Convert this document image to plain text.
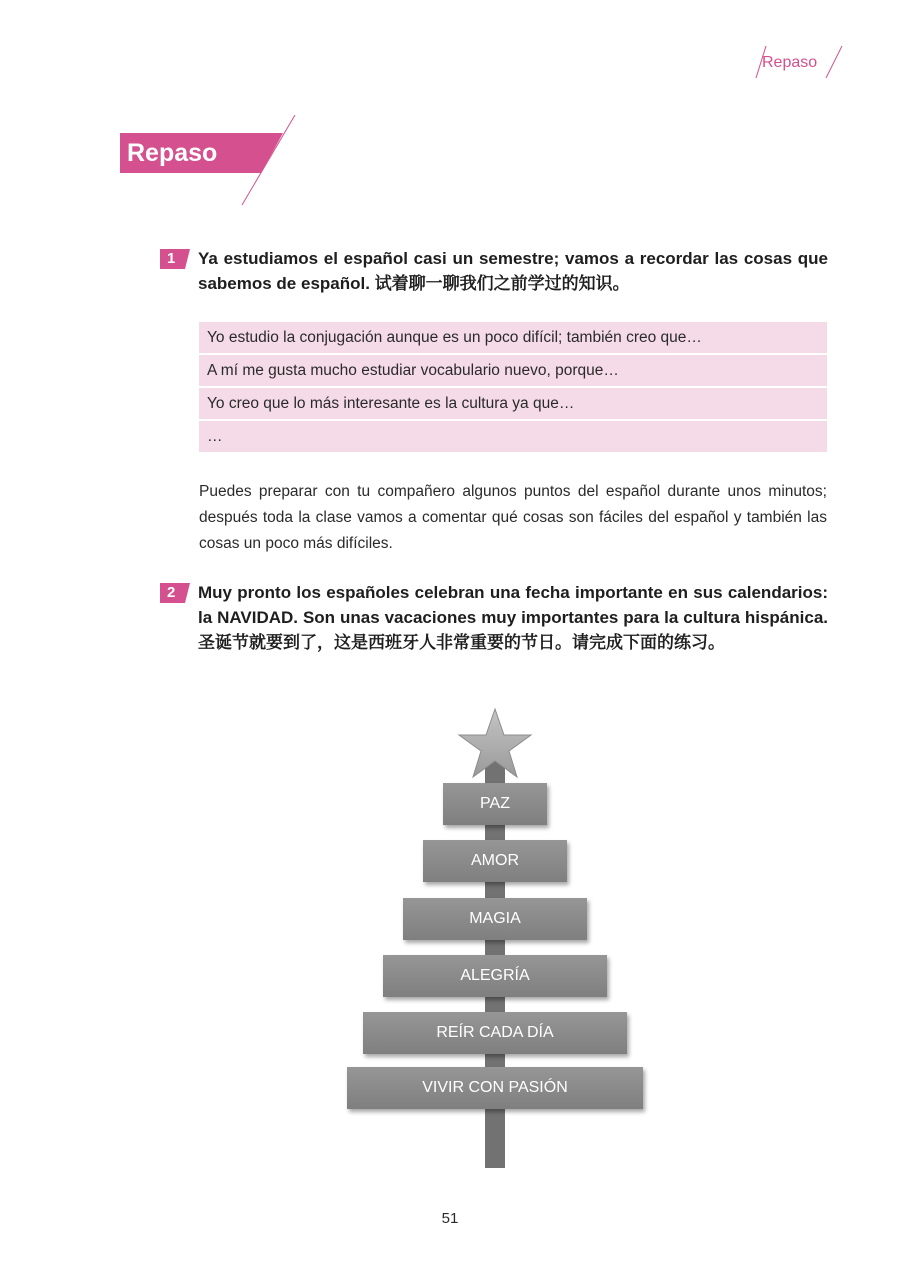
Repaso
Repaso
1 Ya estudiamos el español casi un semestre; vamos a recordar las cosas que sabemos de español. 试着聊一聊我们之前学过的知识。
Yo estudio la conjugación aunque es un poco difícil; también creo que…
A mí me gusta mucho estudiar vocabulario nuevo, porque…
Yo creo que lo más interesante es la cultura ya que…
…
Puedes preparar con tu compañero algunos puntos del español durante unos minutos; después toda la clase vamos a comentar qué cosas son fáciles del español y también las cosas un poco más difíciles.
2 Muy pronto los españoles celebran una fecha importante en sus calendarios: la NAVIDAD. Son unas vacaciones muy importantes para la cultura hispánica. 圣诞节就要到了，这是西班牙人非常重要的节日。请完成下面的练习。
PAZ
AMOR
MAGIA
ALEGRÍA
REÍR CADA DÍA
VIVIR CON PASIÓN
51
